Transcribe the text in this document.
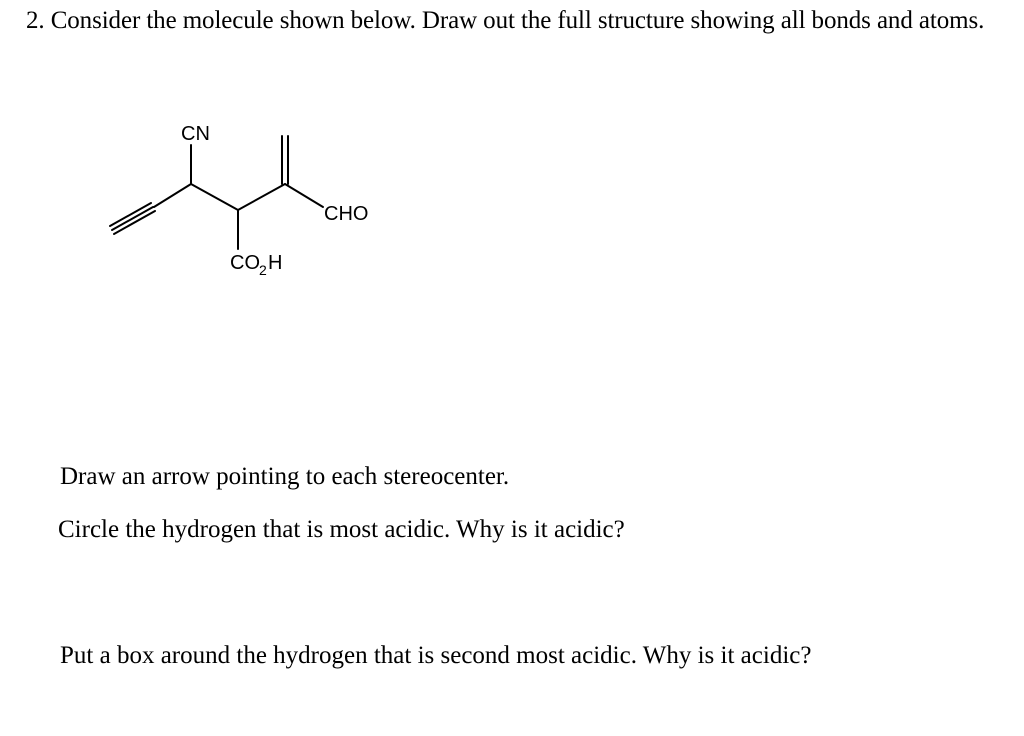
2. Consider the molecule shown below. Draw out the full structure showing all bonds and atoms.
CN
CHO
CO 2 H
Draw an arrow pointing to each stereocenter.
Circle the hydrogen that is most acidic. Why is it acidic?
Put a box around the hydrogen that is second most acidic. Why is it acidic?
